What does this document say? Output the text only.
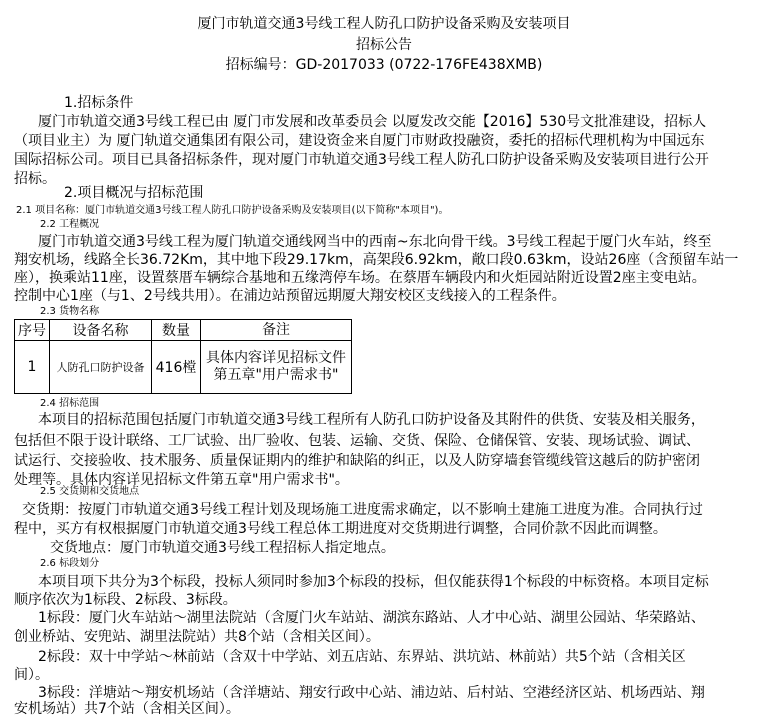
厦门市轨道交通3号线工程人防孔口防护设备采购及安装项目
招标公告
招标编号：GD-2017033 (0722-176FE438XMB)
1.招标条件
厦门市轨道交通3号线工程已由 厦门市发展和改革委员会 以厦发改交能【2016】530号文批准建设，招标人
（项目业主）为 厦门轨道交通集团有限公司，建设资金来自厦门市财政投融资，委托的招标代理机构为中国远东
国际招标公司。项目已具备招标条件，现对厦门市轨道交通3号线工程人防孔口防护设备采购及安装项目进行公开
招标。
2.项目概况与招标范围
2.1 项目名称：厦门市轨道交通3号线工程人防孔口防护设备采购及安装项目(以下简称"本项目")。
2.2 工程概况
厦门市轨道交通3号线工程为厦门轨道交通线网当中的西南~东北向骨干线。3号线工程起于厦门火车站，终至
翔安机场，线路全长36.72Km，其中地下段29.17km，高架段6.92km，敞口段0.63km，设站26座（含预留车站一
座），换乘站11座，设置蔡厝车辆综合基地和五缘湾停车场。在蔡厝车辆段内和火炬园站附近设置2座主变电站。
控制中心1座（与1、2号线共用）。在浦边站预留远期厦大翔安校区支线接入的工程条件。
2.3 货物名称
序号	设备名称	数量	备注
1	人防孔口防护设备	416樘	具体内容详见招标文件第五章"用户需求书"
2.4 招标范围
本项目的招标范围包括厦门市轨道交通3号线工程所有人防孔口防护设备及其附件的供货、安装及相关服务，
包括但不限于设计联络、工厂试验、出厂验收、包装、运输、交货、保险、仓储保管、安装、现场试验、调试、
试运行、交接验收、技术服务、质量保证期内的维护和缺陷的纠正，以及人防穿墙套管缆线管这越后的防护密闭
处理等。具体内容详见招标文件第五章"用户需求书"。
2.5 交货期和交货地点
交货期：按厦门市轨道交通3号线工程计划及现场施工进度需求确定，以不影响土建施工进度为准。合同执行过
程中，买方有权根据厦门市轨道交通3号线工程总体工期进度对交货期进行调整，合同价款不因此而调整。
交货地点：厦门市轨道交通3号线工程招标人指定地点。
2.6 标段划分
本项目项下共分为3个标段，投标人须同时参加3个标段的投标，但仅能获得1个标段的中标资格。本项目定标
顺序依次为1标段、2标段、3标段。
1标段：厦门火车站站～湖里法院站（含厦门火车站站、湖滨东路站、人才中心站、湖里公园站、华荣路站、
创业桥站、安兜站、湖里法院站）共8个站（含相关区间）。
2标段：双十中学站～林前站（含双十中学站、刘五店站、东界站、洪坑站、林前站）共5个站（含相关区
间）。
3标段：洋塘站～翔安机场站（含洋塘站、翔安行政中心站、浦边站、后村站、空港经济区站、机场西站、翔
安机场站）共7个站（含相关区间）。
